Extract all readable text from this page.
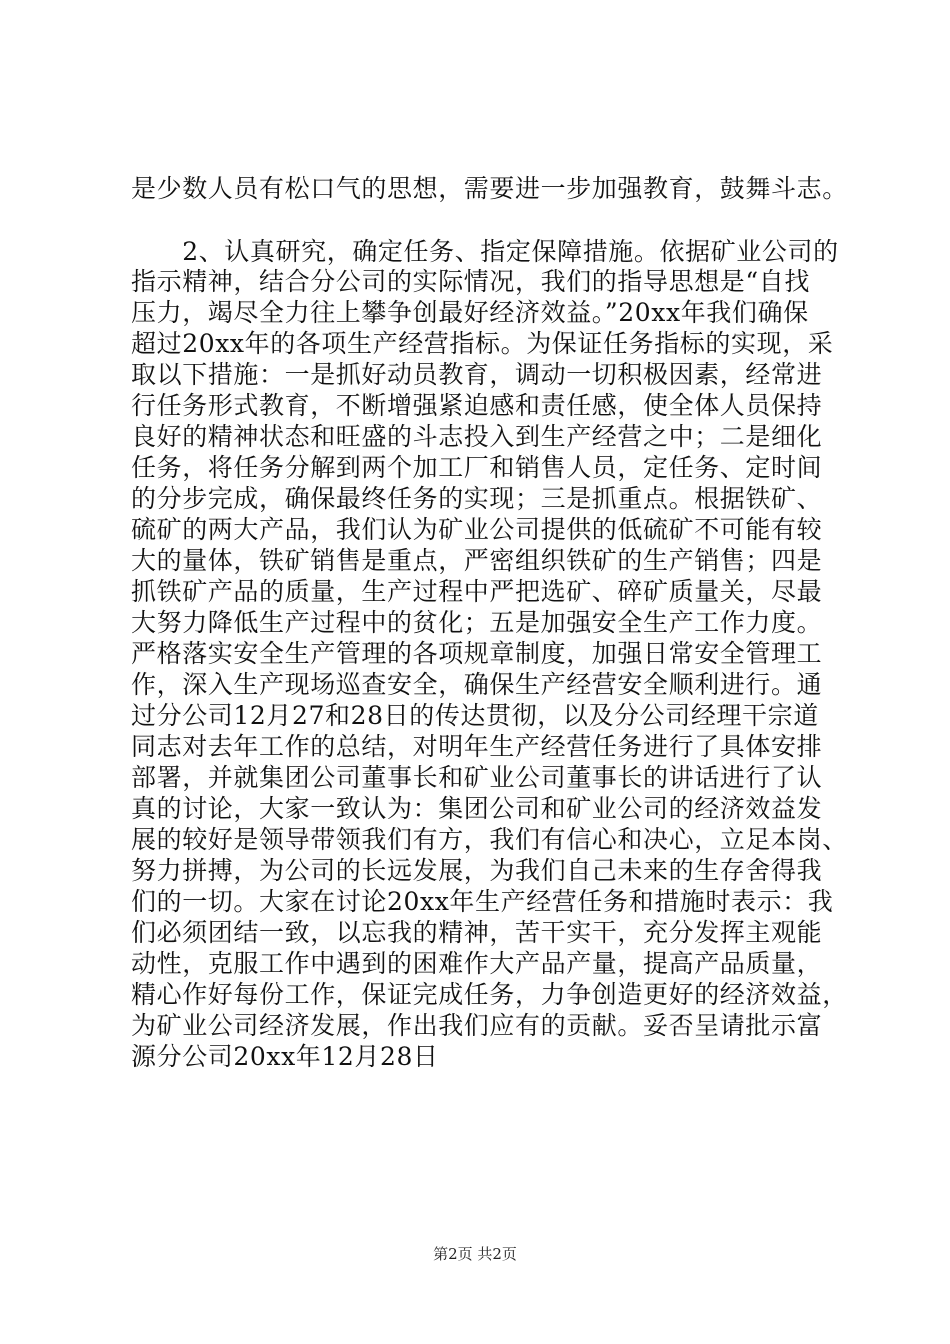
是少数人员有松口气的思想，需要进一步加强教育，鼓舞斗志。
　　2、认真研究，确定任务、指定保障措施。依据矿业公司的
指示精神，结合分公司的实际情况，我们的指导思想是“自找
压力，竭尽全力往上攀争创最好经济效益。”20xx年我们确保
超过20xx年的各项生产经营指标。为保证任务指标的实现，采
取以下措施：一是抓好动员教育，调动一切积极因素，经常进
行任务形式教育，不断增强紧迫感和责任感，使全体人员保持
良好的精神状态和旺盛的斗志投入到生产经营之中；二是细化
任务，将任务分解到两个加工厂和销售人员，定任务、定时间
的分步完成，确保最终任务的实现；三是抓重点。根据铁矿、
硫矿的两大产品，我们认为矿业公司提供的低硫矿不可能有较
大的量体，铁矿销售是重点，严密组织铁矿的生产销售；四是
抓铁矿产品的质量，生产过程中严把选矿、碎矿质量关，尽最
大努力降低生产过程中的贫化；五是加强安全生产工作力度。
严格落实安全生产管理的各项规章制度，加强日常安全管理工
作，深入生产现场巡查安全，确保生产经营安全顺利进行。通
过分公司12月27和28日的传达贯彻，以及分公司经理干宗道
同志对去年工作的总结，对明年生产经营任务进行了具体安排
部署，并就集团公司董事长和矿业公司董事长的讲话进行了认
真的讨论，大家一致认为：集团公司和矿业公司的经济效益发
展的较好是领导带领我们有方，我们有信心和决心，立足本岗、
努力拼搏，为公司的长远发展，为我们自己未来的生存舍得我
们的一切。大家在讨论20xx年生产经营任务和措施时表示：我
们必须团结一致，以忘我的精神，苦干实干，充分发挥主观能
动性，克服工作中遇到的困难作大产品产量，提高产品质量，
精心作好每份工作，保证完成任务，力争创造更好的经济效益，
为矿业公司经济发展，作出我们应有的贡献。妥否呈请批示富
源分公司20xx年12月28日
第2页 共2页
